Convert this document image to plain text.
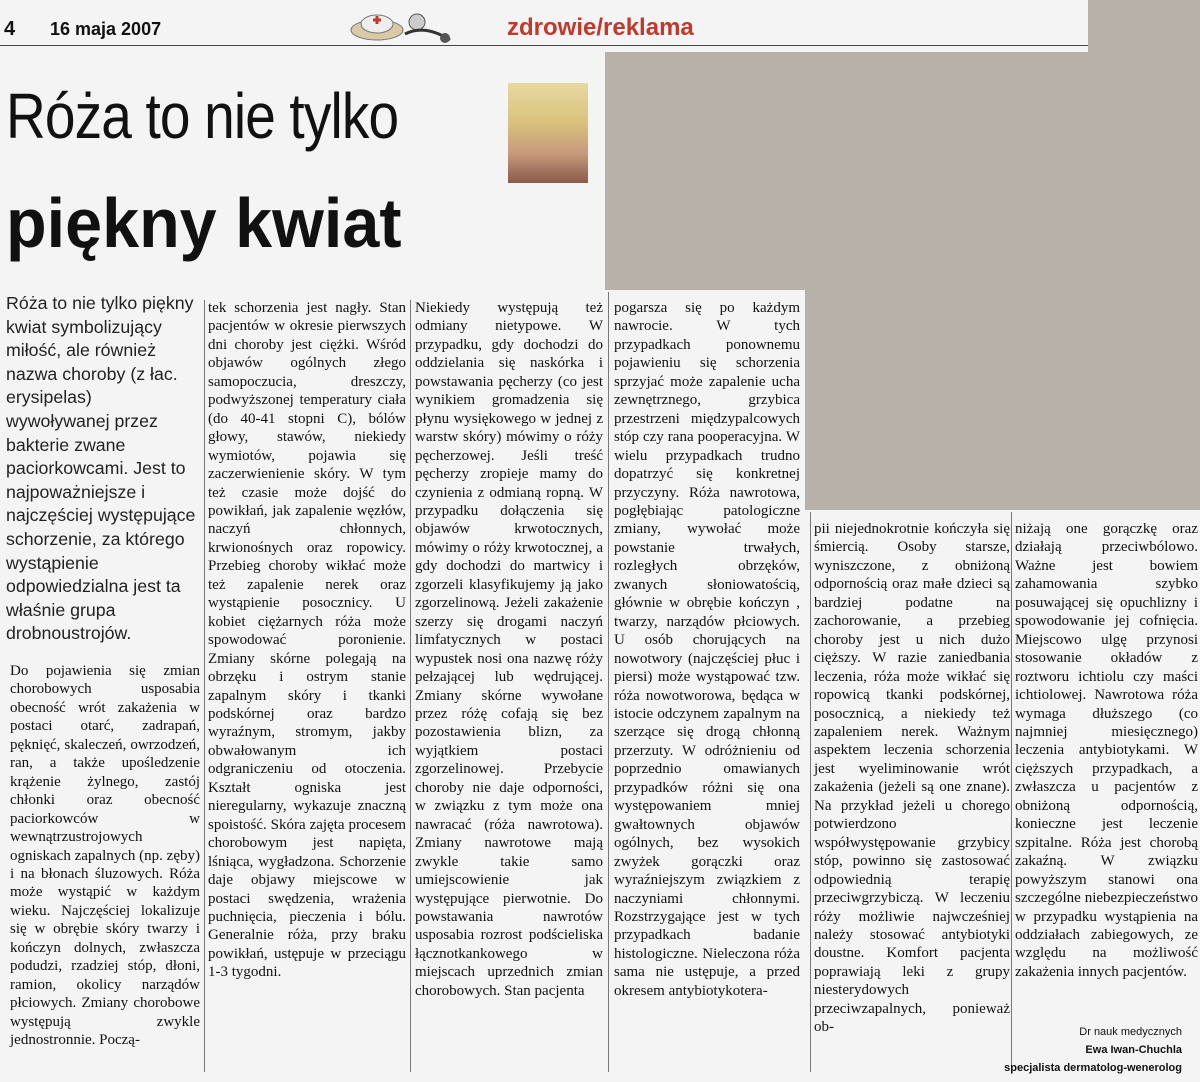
4 16 maja 2007	zdrowie/reklama
Róża to nie tylko
piękny kwiat
Róża to nie tylko piękny kwiat symbolizujący miłość, ale również nazwa choroby (z łac. erysipelas) wywoływanej przez bakterie zwane paciorkowcami. Jest to najpoważniejsze i najczęściej występujące schorzenie, za którego wystąpienie odpowiedzialna jest ta właśnie grupa drobnoustrojów.
Do pojawienia się zmian chorobowych usposabia obecność wrót zakażenia w postaci otarć, zadrapań, pęknięć, skaleczeń, owrzodzeń, ran, a także upośledzenie krążenie żylnego, zastój chłonki oraz obecność paciorkowców w wewnątrzustrojowych ogniskach zapalnych (np. zęby) i na błonach śluzowych. Róża może wystąpić w każdym wieku. Najczęściej lokalizuje się w obrębie skóry twarzy i kończyn dolnych, zwłaszcza podudzi, rzadziej stóp, dłoni, ramion, okolicy narządów płciowych. Zmiany chorobowe występują zwykle jednostronnie. Począ-
tek schorzenia jest nagły. Stan pacjentów w okresie pierwszych dni choroby jest ciężki. Wśród objawów ogólnych złego samopoczucia, dreszczy, podwyższonej temperatury ciała (do 40-41 stopni C), bólów głowy, stawów, niekiedy wymiotów, pojawia się zaczerwienienie skóry. W tym też czasie może dojść do powikłań, jak zapalenie węzłów, naczyń chłonnych, krwionośnych oraz ropowicy. Przebieg choroby wikłać może też zapalenie nerek oraz wystąpienie posocznicy. U kobiet ciężarnych róża może spowodować poronienie. Zmiany skórne polegają na obrzęku i ostrym stanie zapalnym skóry i tkanki podskórnej oraz bardzo wyraźnym, stromym, jakby obwałowanym ich odgraniczeniu od otoczenia. Kształt ogniska jest nieregularny, wykazuje znaczną spoistość. Skóra zajęta procesem chorobowym jest napięta, lśniąca, wygładzona. Schorzenie daje objawy miejscowe w postaci swędzenia, wrażenia puchnięcia, pieczenia i bólu. Generalnie róża, przy braku powikłań, ustępuje w przeciągu 1-3 tygodni.
Niekiedy występują też odmiany nietypowe. W przypadku, gdy dochodzi do oddzielania się naskórka i powstawania pęcherzy (co jest wynikiem gromadzenia się płynu wysiękowego w jednej z warstw skóry) mówimy o róży pęcherzowej. Jeśli treść pęcherzy zropieje mamy do czynienia z odmianą ropną. W przypadku dołączenia się objawów krwotocznych, mówimy o róży krwotocznej, a gdy dochodzi do martwicy i zgorzeli klasyfikujemy ją jako zgorzelinową. Jeżeli zakażenie szerzy się drogami naczyń limfatycznych w postaci wypustek nosi ona nazwę róży pełzającej lub wędrującej. Zmiany skórne wywołane przez różę cofają się bez pozostawienia blizn, za wyjątkiem postaci zgorzelinowej. Przebycie choroby nie daje odporności, w związku z tym może ona nawracać (róża nawrotowa). Zmiany nawrotowe mają zwykle takie samo umiejscowienie jak występujące pierwotnie. Do powstawania nawrotów usposabia rozrost podścieliska łącznotkankowego w miejscach uprzednich zmian chorobowych. Stan pacjenta
pogarsza się po każdym nawrocie. W tych przypadkach ponownemu pojawieniu się schorzenia sprzyjać może zapalenie ucha zewnętrznego, grzybica przestrzeni międzypalcowych stóp czy rana pooperacyjna. W wielu przypadkach trudno dopatrzyć się konkretnej przyczyny. Róża nawrotowa, pogłębiając patologiczne zmiany, wywołać może powstanie trwałych, rozległych obrzęków, zwanych słoniowatością, głównie w obrębie kończyn , twarzy, narządów płciowych. U osób chorujących na nowotwory (najczęściej płuc i piersi) może wystąpować tzw. róża nowotworowa, będąca w istocie odczynem zapalnym na szerzące się drogą chłonną przerzuty. W odróżnieniu od poprzednio omawianych przypadków różni się ona występowaniem mniej gwałtownych objawów ogólnych, bez wysokich zwyżek gorączki oraz wyraźniejszym związkiem z naczyniami chłonnymi. Rozstrzygające jest w tych przypadkach badanie histologiczne. Nieleczona róża sama nie ustępuje, a przed okresem antybiotykotera-
pii niejednokrotnie kończyła się śmiercią. Osoby starsze, wyniszczone, z obniżoną odpornością oraz małe dzieci są bardziej podatne na zachorowanie, a przebieg choroby jest u nich dużo cięższy. W razie zaniedbania leczenia, róża może wikłać się ropowicą tkanki podskórnej, posocznicą, a niekiedy też zapaleniem nerek. Ważnym aspektem leczenia schorzenia jest wyeliminowanie wrót zakażenia (jeżeli są one znane). Na przykład jeżeli u chorego potwierdzono współwystępowanie grzybicy stóp, powinno się zastosować odpowiednią terapię przeciwgrzybiczą. W leczeniu róży możliwie najwcześniej należy stosować antybiotyki doustne. Komfort pacjenta poprawiają leki z grupy niesterydowych przeciwzapalnych, ponieważ ob-
niżają one gorączkę oraz działają przeciwbólowo. Ważne jest bowiem zahamowania szybko posuwającej się opuchlizny i spowodowanie jej cofnięcia. Miejscowo ulgę przynosi stosowanie okładów z roztworu ichtiolu czy maści ichtiolowej. Nawrotowa róża wymaga dłuższego (co najmniej miesięcznego) leczenia antybiotykami. W cięższych przypadkach, a zwłaszcza u pacjentów z obniżoną odpornością, konieczne jest leczenie szpitalne. Róża jest chorobą zakaźną. W związku powyższym stanowi ona szczególne niebezpieczeństwo w przypadku wystąpienia na oddziałach zabiegowych, ze względu na możliwość zakażenia innych pacjentów.
Dr nauk medycznych
Ewa Iwan-Chuchla
specjalista dermatolog-wenerolog
